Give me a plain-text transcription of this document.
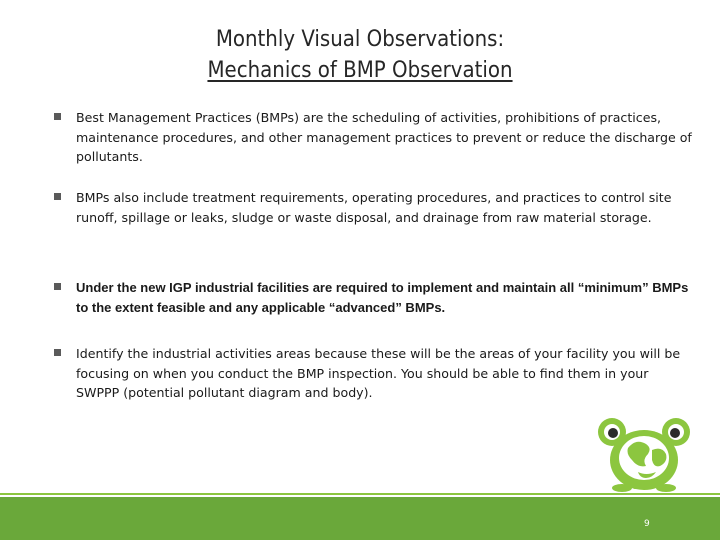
Monthly Visual Observations:
Mechanics of BMP Observation
Best Management Practices (BMPs) are the scheduling of activities, prohibitions of practices, maintenance procedures, and other management practices to prevent or reduce the discharge of pollutants.
BMPs also include treatment requirements, operating procedures, and practices to control site runoff, spillage or leaks, sludge or waste disposal, and drainage from raw material storage.
Under the new IGP industrial facilities are required to implement and maintain all “minimum” BMPs to the extent feasible and any applicable “advanced” BMPs.
Identify the industrial activities areas because these will be the areas of your facility you will be focusing on when you conduct the BMP inspection. You should be able to find them in your SWPPP (potential pollutant diagram and body).
9
